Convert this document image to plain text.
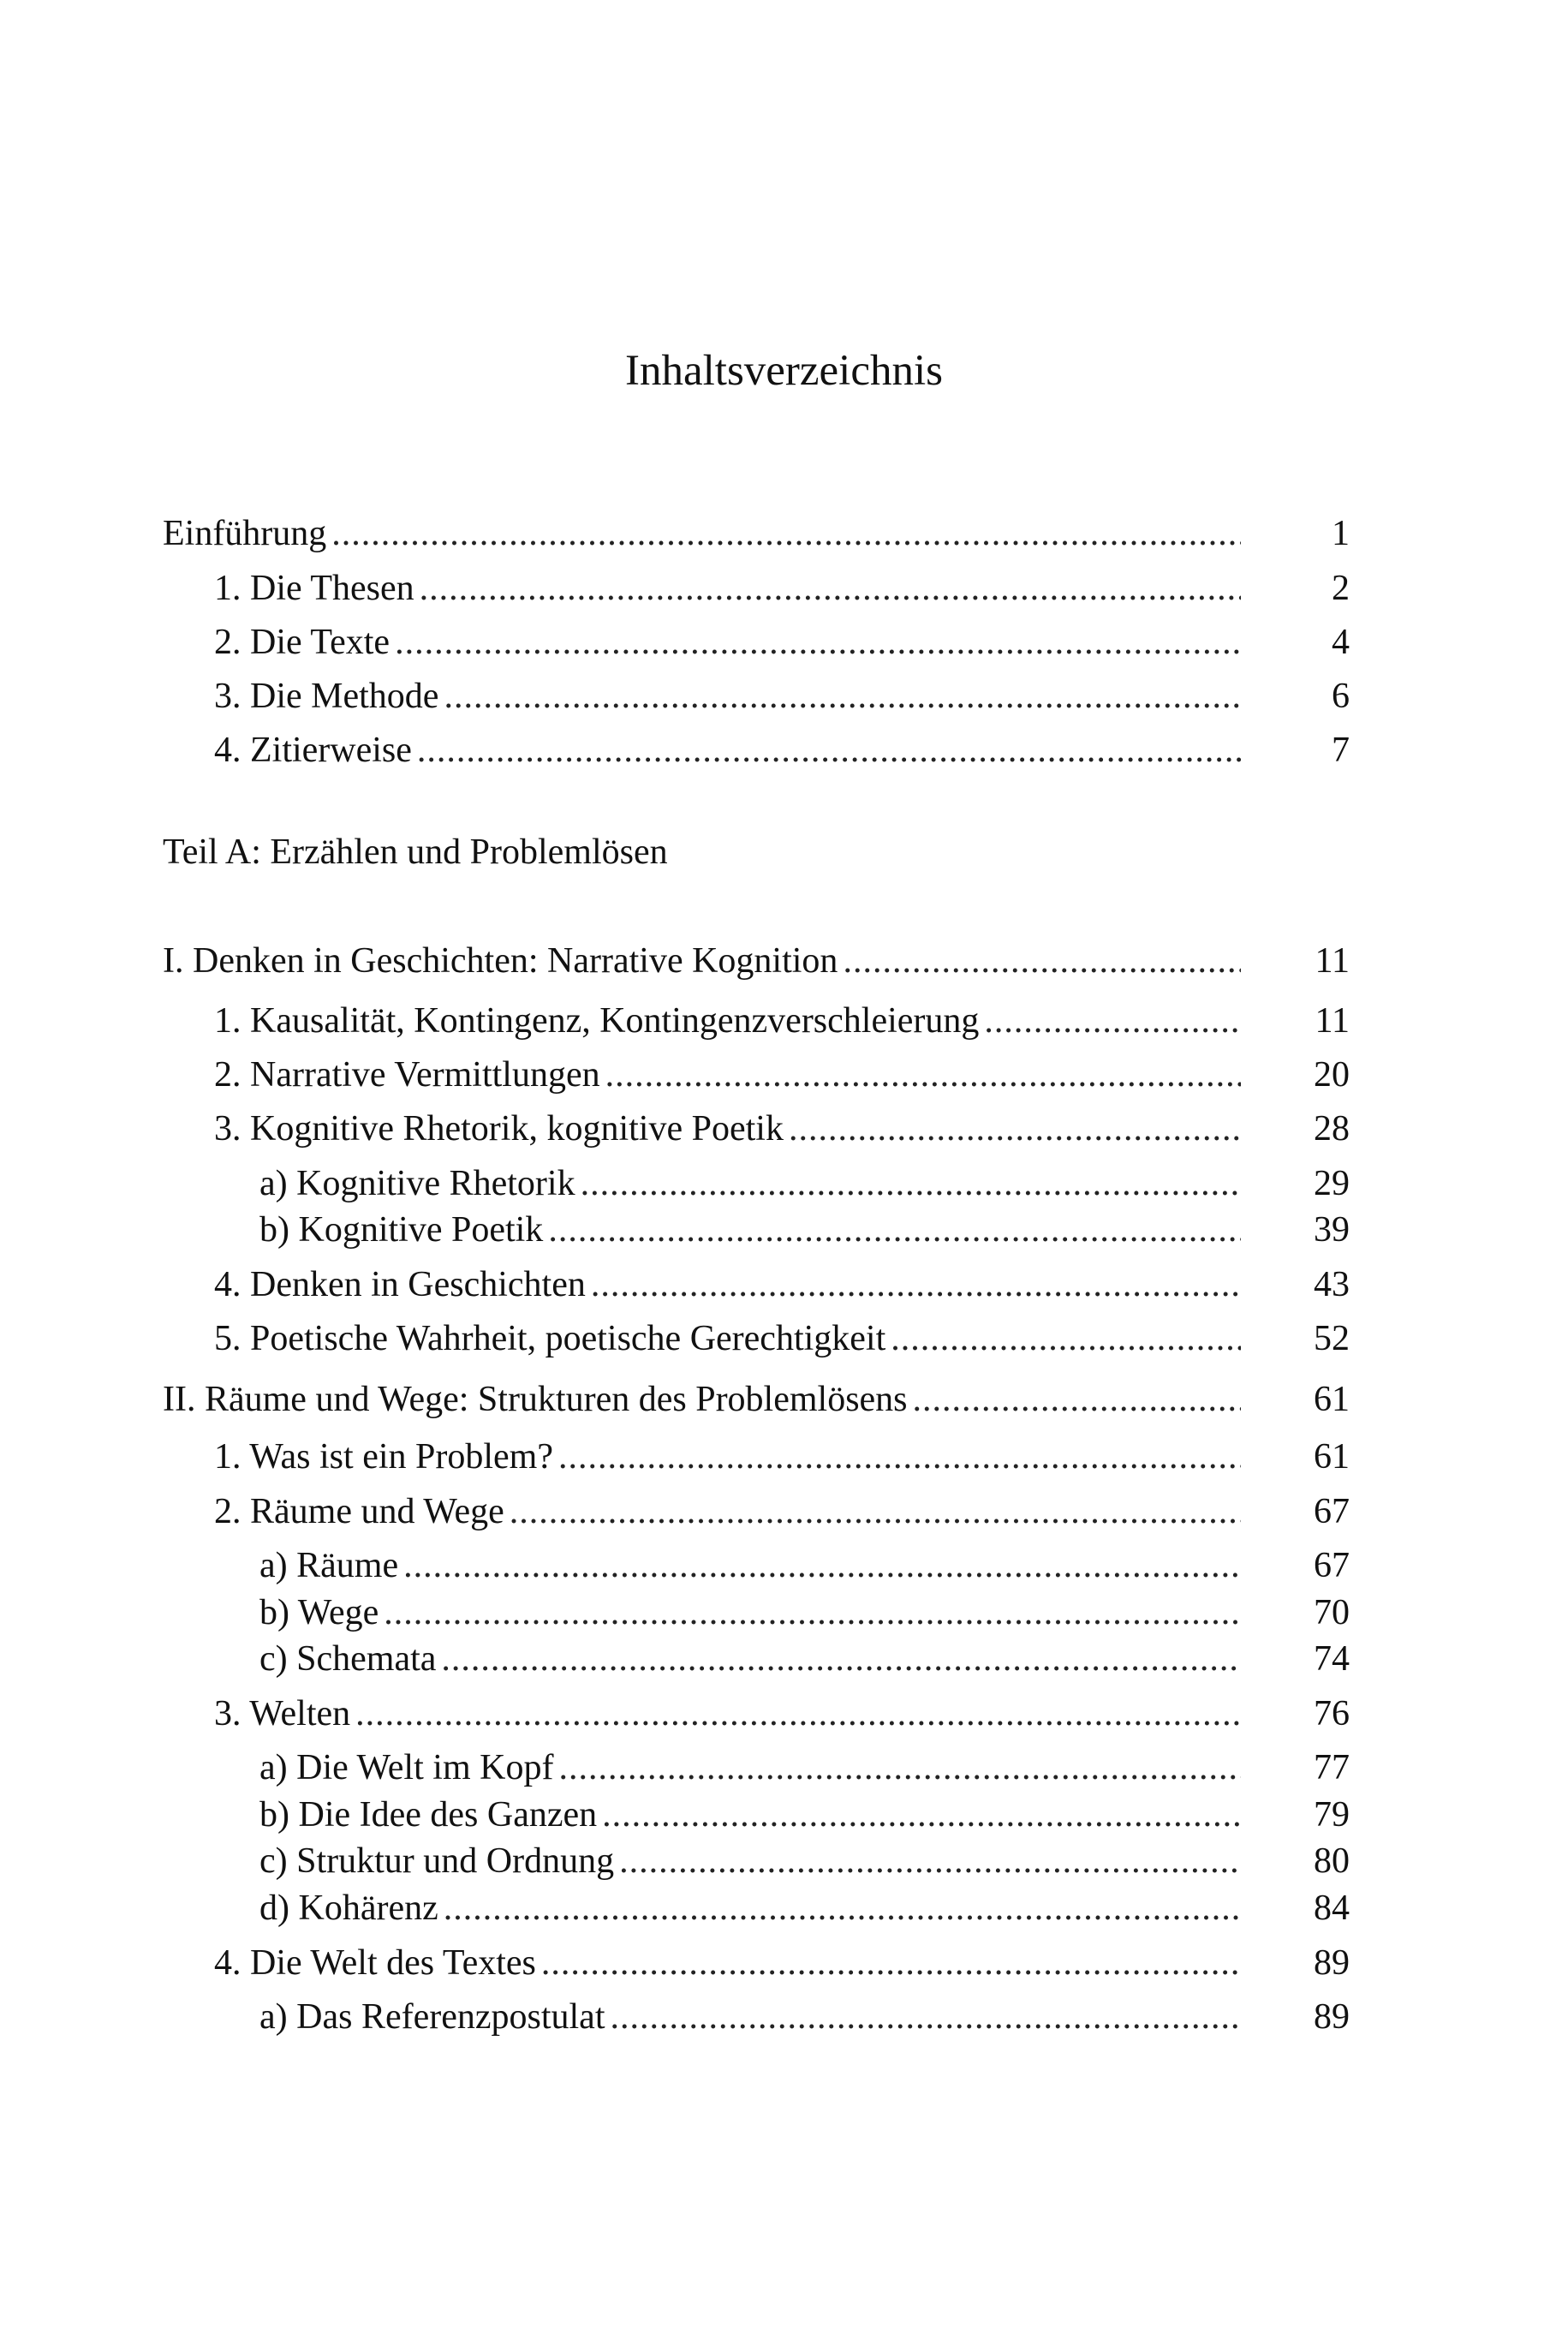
Inhaltsverzeichnis
Einführung .....	1
1. Die Thesen .....	2
2. Die Texte .....	4
3. Die Methode .....	6
4. Zitierweise .....	7
Teil A: Erzählen und Problemlösen
I. Denken in Geschichten: Narrative Kognition .....	11
1. Kausalität, Kontingenz, Kontingenzverschleierung .....	11
2. Narrative Vermittlungen .....	20
3. Kognitive Rhetorik, kognitive Poetik .....	28
a) Kognitive Rhetorik .....	29
b) Kognitive Poetik .....	39
4. Denken in Geschichten .....	43
5. Poetische Wahrheit, poetische Gerechtigkeit .....	52
II. Räume und Wege: Strukturen des Problemlösens .....	61
1. Was ist ein Problem? .....	61
2. Räume und Wege .....	67
a) Räume .....	67
b) Wege .....	70
c) Schemata .....	74
3. Welten .....	76
a) Die Welt im Kopf .....	77
b) Die Idee des Ganzen .....	79
c) Struktur und Ordnung .....	80
d) Kohärenz .....	84
4. Die Welt des Textes .....	89
a) Das Referenzpostulat .....	89
